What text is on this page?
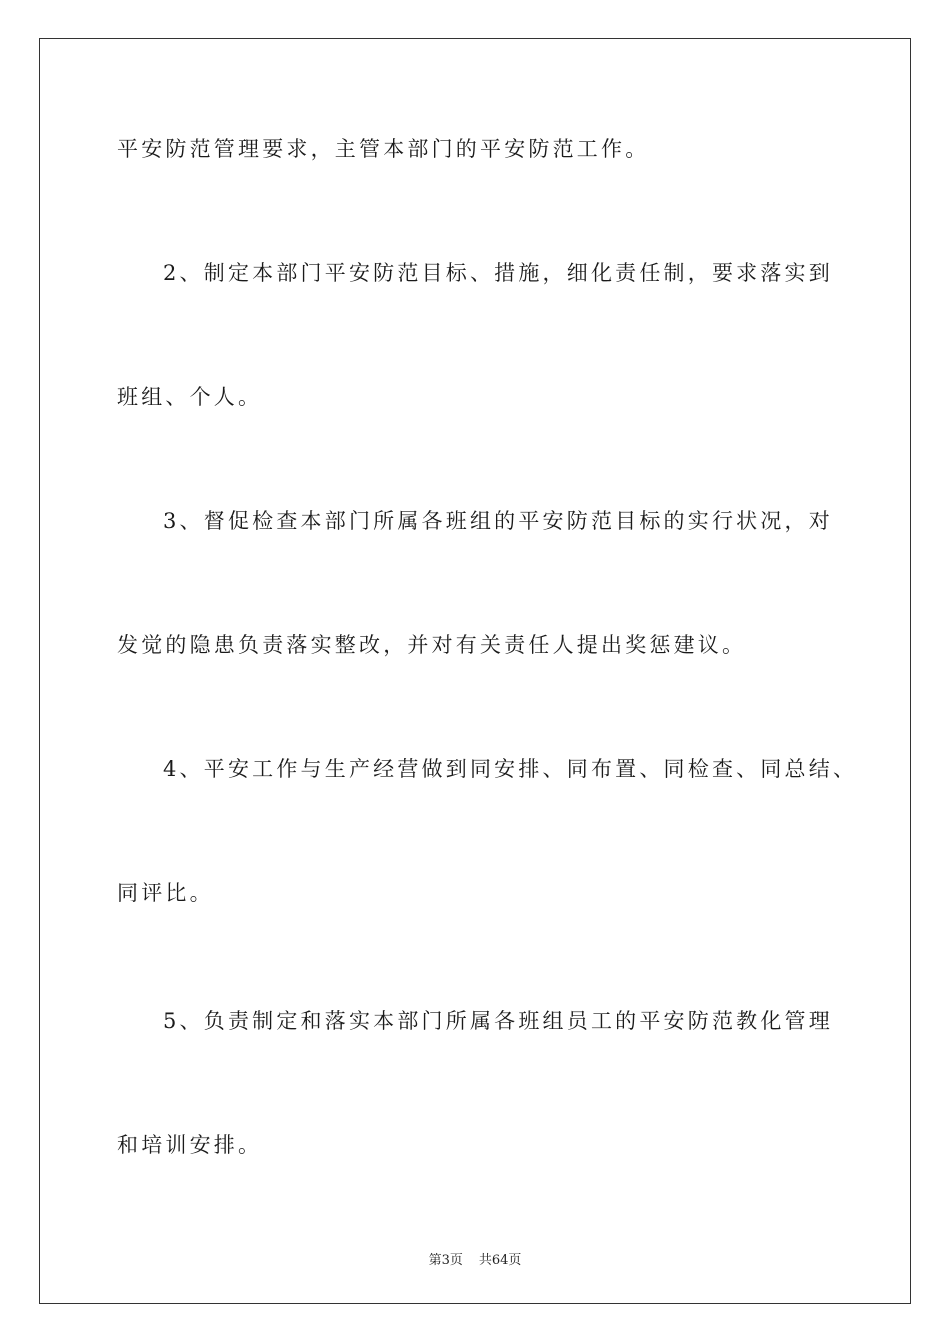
平安防范管理要求，主管本部门的平安防范工作。
2、制定本部门平安防范目标、措施，细化责任制，要求落实到
班组、个人。
3、督促检查本部门所属各班组的平安防范目标的实行状况，对
发觉的隐患负责落实整改，并对有关责任人提出奖惩建议。
4、平安工作与生产经营做到同安排、同布置、同检查、同总结、
同评比。
5、负责制定和落实本部门所属各班组员工的平安防范教化管理
和培训安排。
第3页 共64页
